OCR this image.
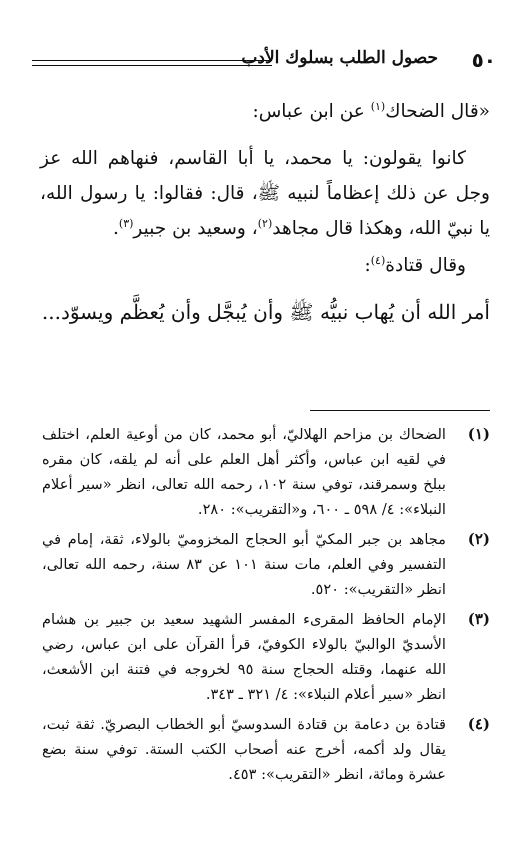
٥٠
حصول الطلب بسلوك الأدب

«قال الضحاك$^{(١)}$ عن ابن عباس:

كانوا يقولون: يا محمد، يا أبا القاسم، فنهاهم الله عز وجل عن ذلك إعظاماً لنبيه ﷺ، قال: فقالوا: يا رسول الله، يا نبيّ الله، وهكذا قال مجاهد$^{(٢)}$، وسعيد بن جبير$^{(٣)}$.

وقال قتادة$^{(٤)}$:

أمر الله أن يُهاب نبيُّه ﷺ وأن يُبجَّل وأن يُعظَّم ويسوّد...

(١)

الضحاك بن مزاحم الهلاليّ، أبو محمد، كان من أوعية العلم، اختلف في لقيه ابن عباس، وأكثر أهل العلم على أنه لم يلقه، كان مقره ببلخ وسمرقند، توفي سنة ١٠٢، رحمه الله تعالى، انظر «سير أعلام النبلاء»: ٤/ ٥٩٨ ـ ٦٠٠، و«التقريب»: ٢٨٠.

(٢)

مجاهد بن جبر المكيّ أبو الحجاج المخزوميّ بالولاء، ثقة، إمام في التفسير وفي العلم، مات سنة ١٠١ عن ٨٣ سنة، رحمه الله تعالى، انظر «التقريب»: ٥٢٠.

(٣)

الإمام الحافظ المقرىء المفسر الشهيد سعيد بن جبير بن هشام الأسديّ الوالبيّ بالولاء الكوفيّ، قرأ القرآن على ابن عباس، رضي الله عنهما، وقتله الحجاج سنة ٩٥ لخروجه في فتنة ابن الأشعث، انظر «سير أعلام النبلاء»: ٤/ ٣٢١ ـ ٣٤٣.

(٤)

قتادة بن دعامة بن قتادة السدوسيّ أبو الخطاب البصريّ. ثقة ثبت، يقال ولد أكمه، أخرج عنه أصحاب الكتب الستة. توفي سنة بضع عشرة ومائة، انظر «التقريب»: ٤٥٣.
